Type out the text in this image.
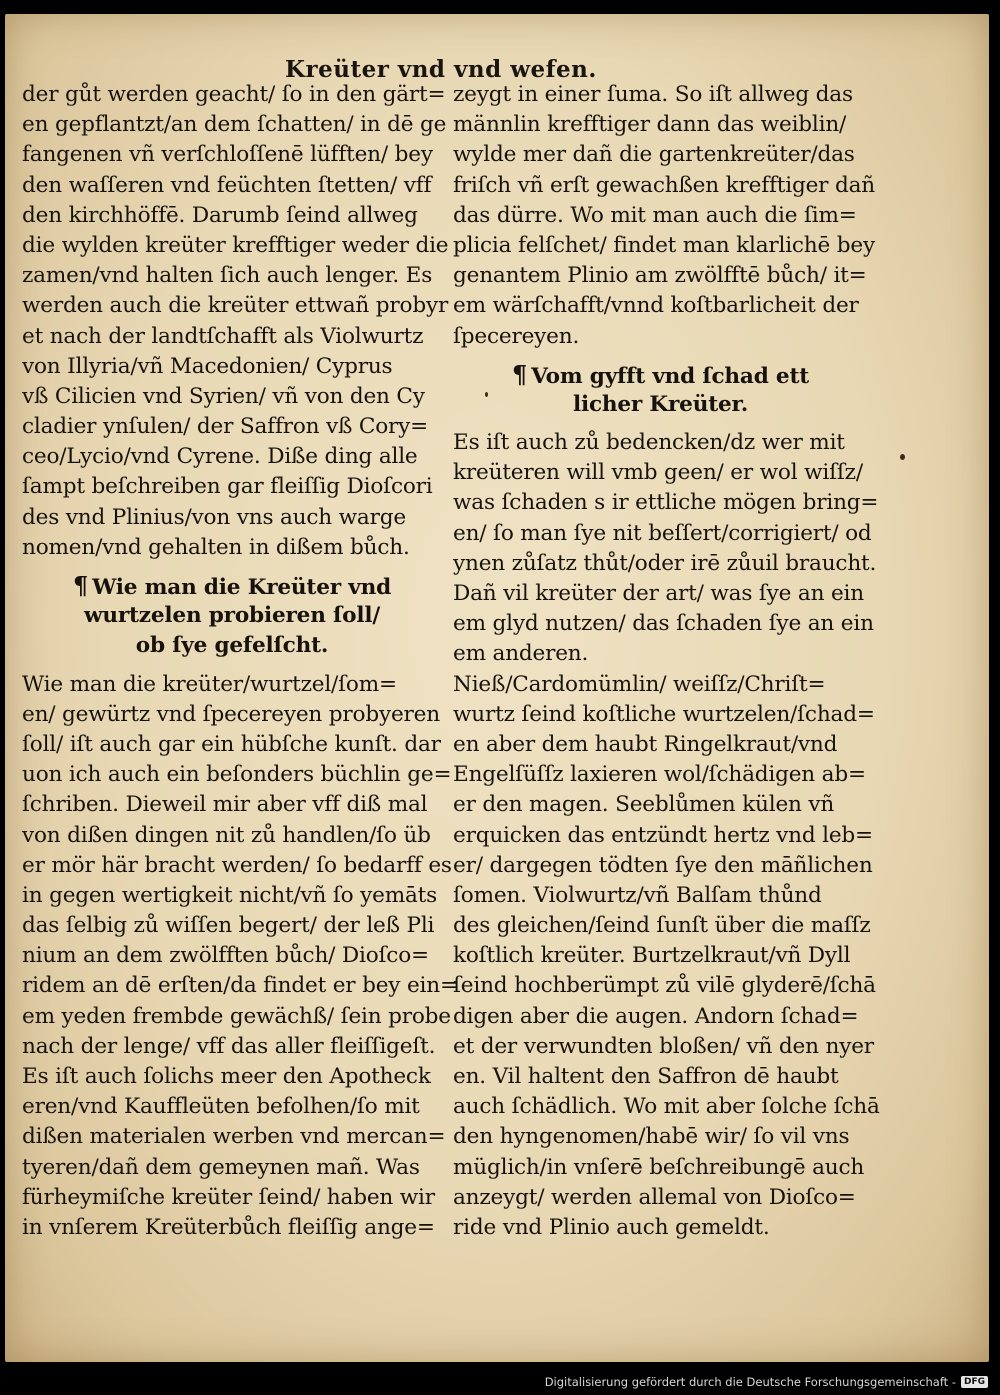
Kreüter vnd vnd wefen.
der gůt werden geacht/ ſo in den gärt=
en gepflantzt/an dem ſchatten/ in dē ge
fangenen vñ verſchloſſenē lüfften/ bey
den waſſeren vnd feüchten ſtetten/ vff
den kirchhöffē. Darumb ſeind allweg
die wylden kreüter krefftiger weder die
zamen/vnd halten ſich auch lenger. Es
werden auch die kreüter ettwañ probyr
et nach der landtſchafft als Violwurtz
von Illyria/vñ Macedonien/ Cyprus
vß Cilicien vnd Syrien/ vñ von den Cy
cladier ynſulen/ der Saffron vß Cory=
ceo/Lycio/vnd Cyrene. Diße ding alle
ſampt beſchreiben gar fleiſſig Dioſcori
des vnd Plinius/von vns auch warge
nomen/vnd gehalten in dißem bůch.
¶ Wie man die Kreüter vnd
wurtzelen probieren ſoll/
ob ſye gefelſcht.
Wie man die kreüter/wurtzel/ſom=
en/ gewürtz vnd ſpecereyen probyeren
ſoll/ iſt auch gar ein hübſche kunſt. dar
uon ich auch ein beſonders büchlin ge=
ſchriben. Dieweil mir aber vff diß mal
von dißen dingen nit zů handlen/ſo üb
er mör här bracht werden/ ſo bedarff es
in gegen wertigkeit nicht/vñ ſo yemāts
das ſelbig zů wiſſen begert/ der leß Pli
nium an dem zwölfften bůch/ Dioſco=
ridem an dē erſten/da findet er bey ein=
em yeden frembde gewächß/ ſein probe
nach der lenge/ vff das aller fleiſſigeſt.
Es iſt auch ſolichs meer den Apotheck
eren/vnd Kauffleüten befolhen/ſo mit
dißen materialen werben vnd mercan=
tyeren/dañ dem gemeynen mañ. Was
fürheymiſche kreüter ſeind/ haben wir
in vnſerem Kreüterbůch fleiſſig ange=
zeygt in einer ſuma. So iſt allweg das
männlin krefftiger dann das weiblin/
wylde mer dañ die gartenkreüter/das
friſch vñ erſt gewachßen krefftiger dañ
das dürre. Wo mit man auch die ſim=
plicia felſchet/ findet man klarlichē bey
genantem Plinio am zwölfftē bůch/ it=
em wärſchafft/vnnd koſtbarlicheit der
ſpecereyen.
¶ Vom gyfft vnd ſchad ett
licher Kreüter.
Es iſt auch zů bedencken/dz wer mit
kreüteren will vmb geen/ er wol wiſſz/
was ſchaden s ir ettliche mögen bring=
en/ ſo man ſye nit beſſert/corrigiert/ od
ynen zůſatz thůt/oder irē zůuil braucht.
Dañ vil kreüter der art/ was ſye an ein
em glyd nutzen/ das ſchaden ſye an ein
em anderen.
Nieß/Cardomümlin/ weiſſz/Chriſt=
wurtz ſeind koſtliche wurtzelen/ſchad=
en aber dem haubt Ringelkraut/vnd
Engelſüſſz laxieren wol/ſchädigen ab=
er den magen. Seeblůmen külen vñ
erquicken das entzündt hertz vnd leb=
er/ dargegen tödten ſye den māñlichen
ſomen. Violwurtz/vñ Balſam thůnd
des gleichen/ſeind ſunſt über die maſſz
koſtlich kreüter. Burtzelkraut/vñ Dyll
ſeind hochberümpt zů vilē glyderē/ſchā
digen aber die augen. Andorn ſchad=
et der verwundten bloßen/ vñ den nyer
en. Vil haltent den Saffron dē haubt
auch ſchädlich. Wo mit aber ſolche ſchā
den hyngenomen/habē wir/ ſo vil vns
müglich/in vnſerē beſchreibungē auch
anzeygt/ werden allemal von Dioſco=
ride vnd Plinio auch gemeldt.
Digitalisierung gefördert durch die Deutsche Forschungsgemeinschaft - DFG
